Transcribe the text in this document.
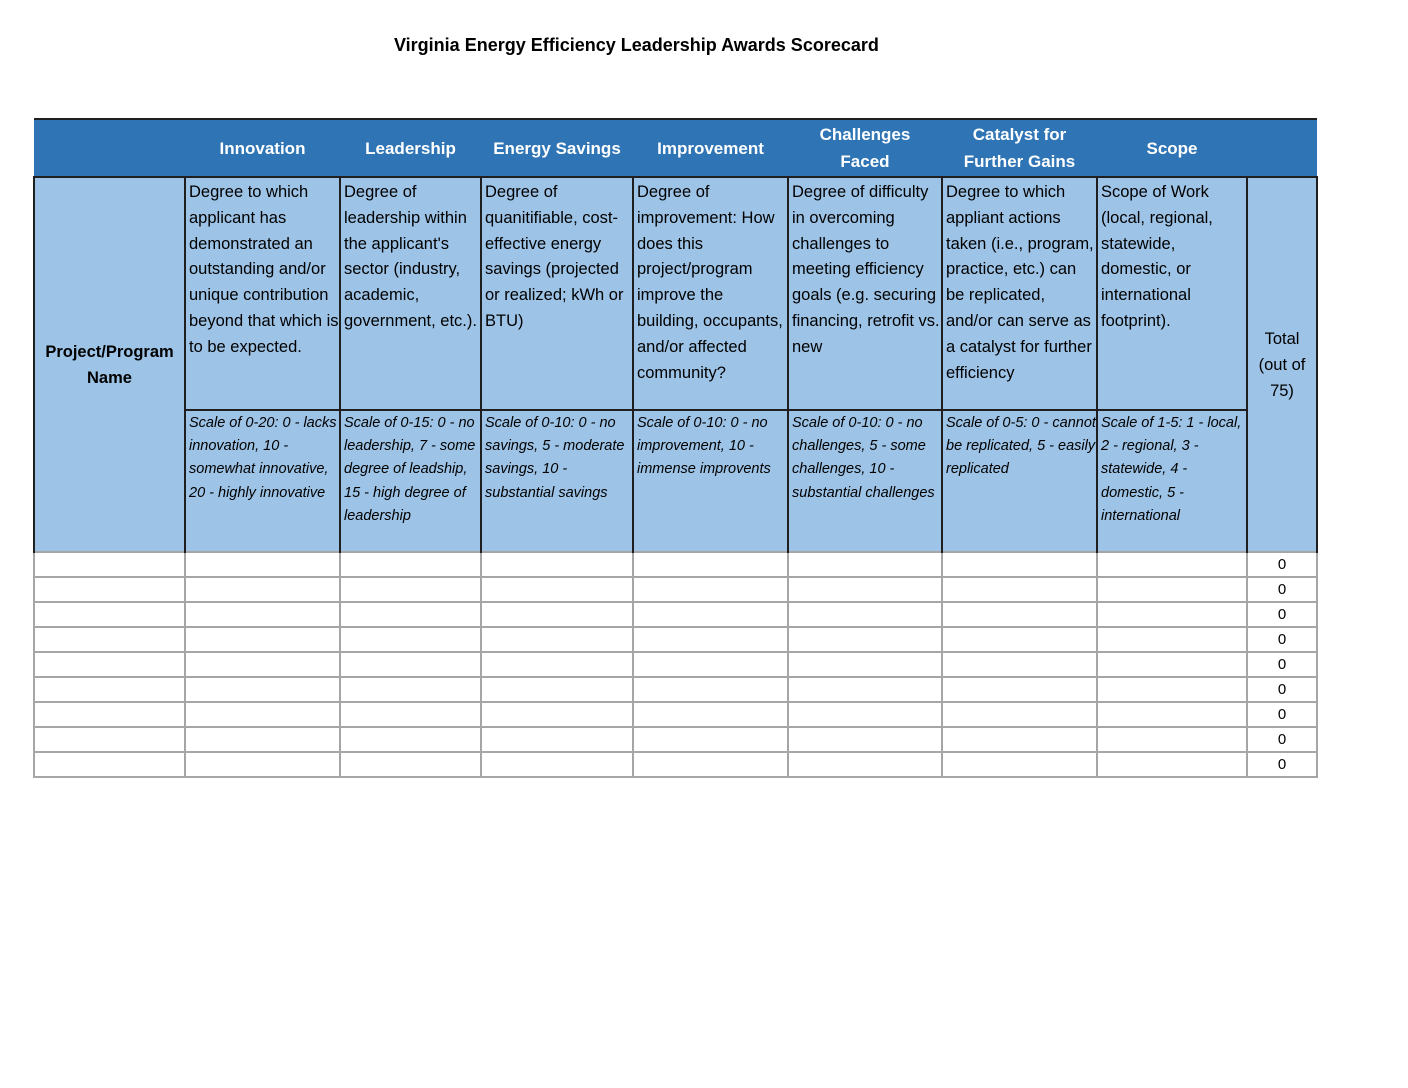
Virginia Energy Efficiency Leadership Awards Scorecard
	Innovation	Leadership	Energy Savings	Improvement	Challenges Faced	Catalyst for Further Gains	Scope	
Project/Program Name	Degree to which applicant has demonstrated an outstanding and/or unique contribution beyond that which is to be expected.	Degree of leadership within the applicant's sector (industry, academic, government, etc.).	Degree of quanitifiable, cost-effective energy savings (projected or realized; kWh or BTU)	Degree of improvement: How does this project/program improve the building, occupants, and/or affected community?	Degree of difficulty in overcoming challenges to meeting efficiency goals (e.g. securing financing, retrofit vs. new	Degree to which appliant actions taken (i.e., program, practice, etc.) can be replicated, and/or can serve as a catalyst for further efficiency	Scope of Work (local, regional, statewide, domestic, or international footprint).	Total (out of 75)
	Scale of 0-20: 0 - lacks innovation, 10 - somewhat innovative, 20 - highly innovative	Scale of 0-15: 0 - no leadership, 7 - some degree of leadship, 15 - high degree of leadership	Scale of 0-10: 0 - no savings, 5 - moderate savings, 10 - substantial savings	Scale of 0-10: 0 - no improvement, 10 - immense improvents	Scale of 0-10: 0 - no challenges, 5 - some challenges, 10 - substantial challenges	Scale of 0-5: 0 - cannot be replicated, 5 - easily replicated	Scale of 1-5: 1 - local, 2 - regional, 3 - statewide, 4 - domestic, 5 - international	
								0
								0
								0
								0
								0
								0
								0
								0
								0
